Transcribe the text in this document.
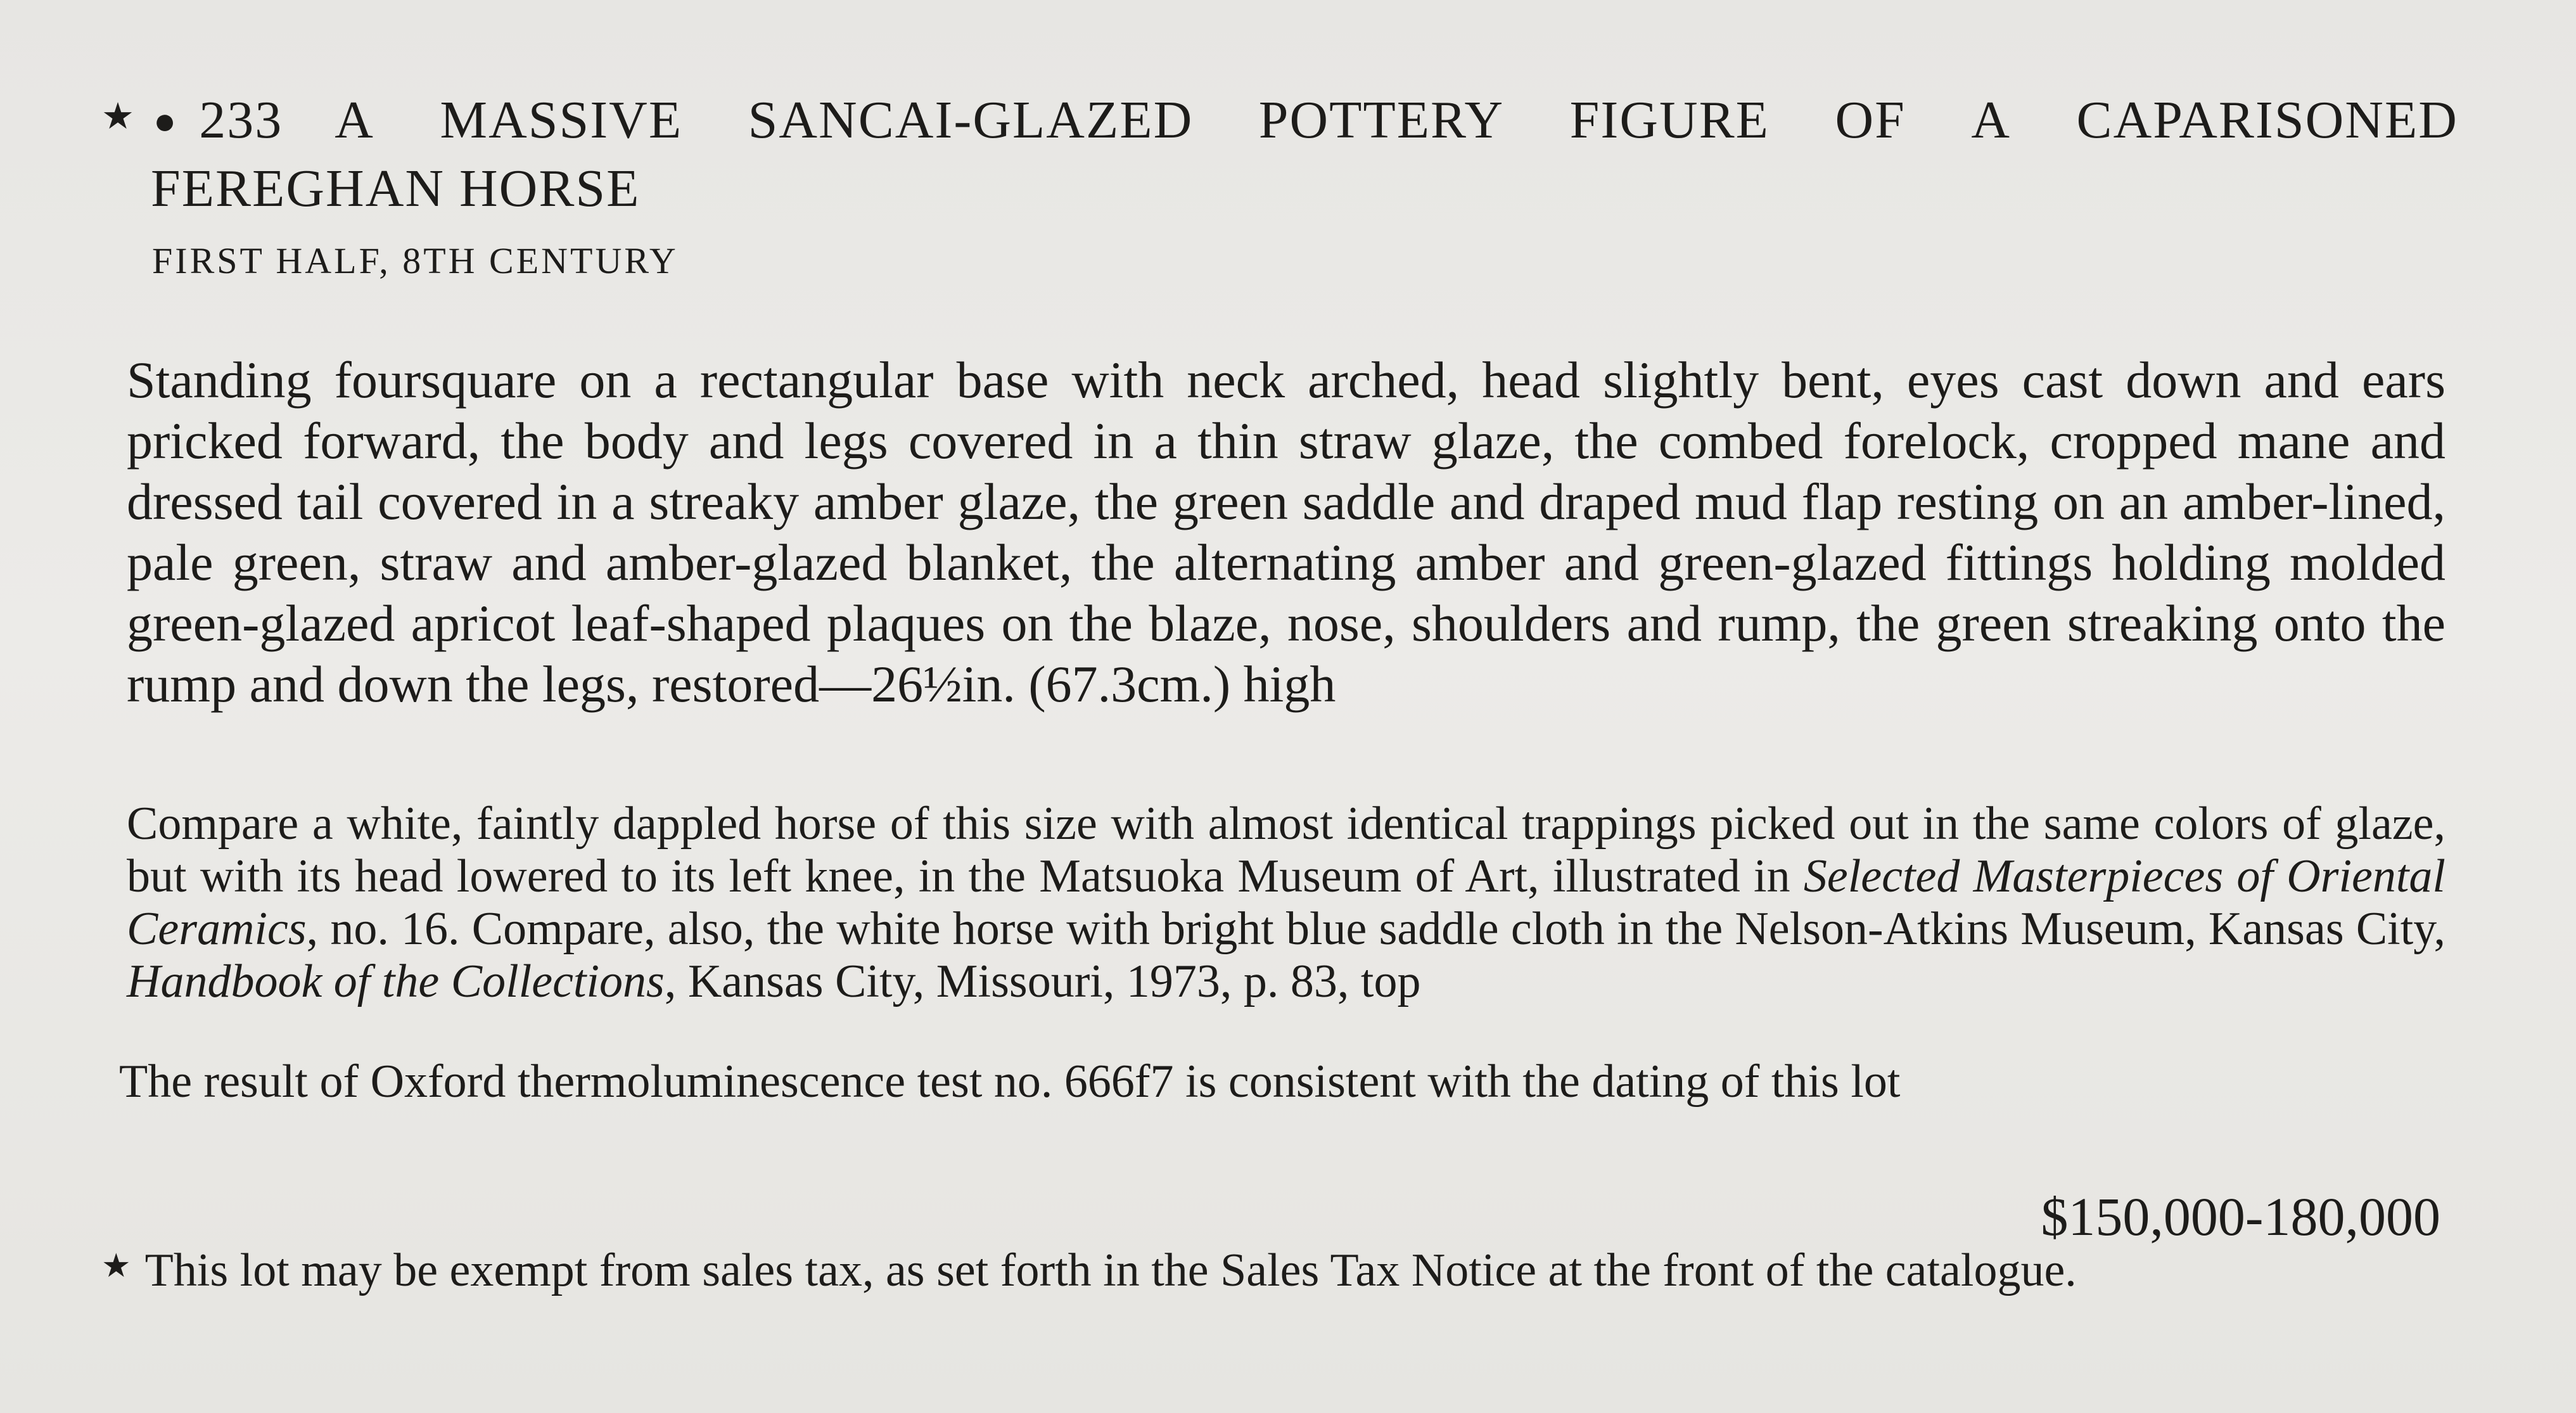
★ ● 233 A MASSIVE SANCAI-GLAZED POTTERY FIGURE OF A CAPARISONED
FEREGHAN HORSE
FIRST HALF, 8TH CENTURY

Standing foursquare on a rectangular base with neck arched, head slightly bent, eyes cast down and ears pricked forward, the body and legs covered in a thin straw glaze, the combed forelock, cropped mane and dressed tail covered in a streaky amber glaze, the green saddle and draped mud flap resting on an amber-lined, pale green, straw and amber-glazed blanket, the alternating amber and green-glazed fittings holding molded green-glazed apricot leaf-shaped plaques on the blaze, nose, shoulders and rump, the green streaking onto the rump and down the legs, restored—26½in. (67.3cm.) high

Compare a white, faintly dappled horse of this size with almost identical trappings picked out in the same colors of glaze, but with its head lowered to its left knee, in the Matsuoka Museum of Art, illustrated in Selected Masterpieces of Oriental Ceramics, no. 16. Compare, also, the white horse with bright blue saddle cloth in the Nelson-Atkins Museum, Kansas City, Handbook of the Collections, Kansas City, Missouri, 1973, p. 83, top

The result of Oxford thermoluminescence test no. 666f7 is consistent with the dating of this lot
$150,000-180,000
★ This lot may be exempt from sales tax, as set forth in the Sales Tax Notice at the front of the catalogue.
